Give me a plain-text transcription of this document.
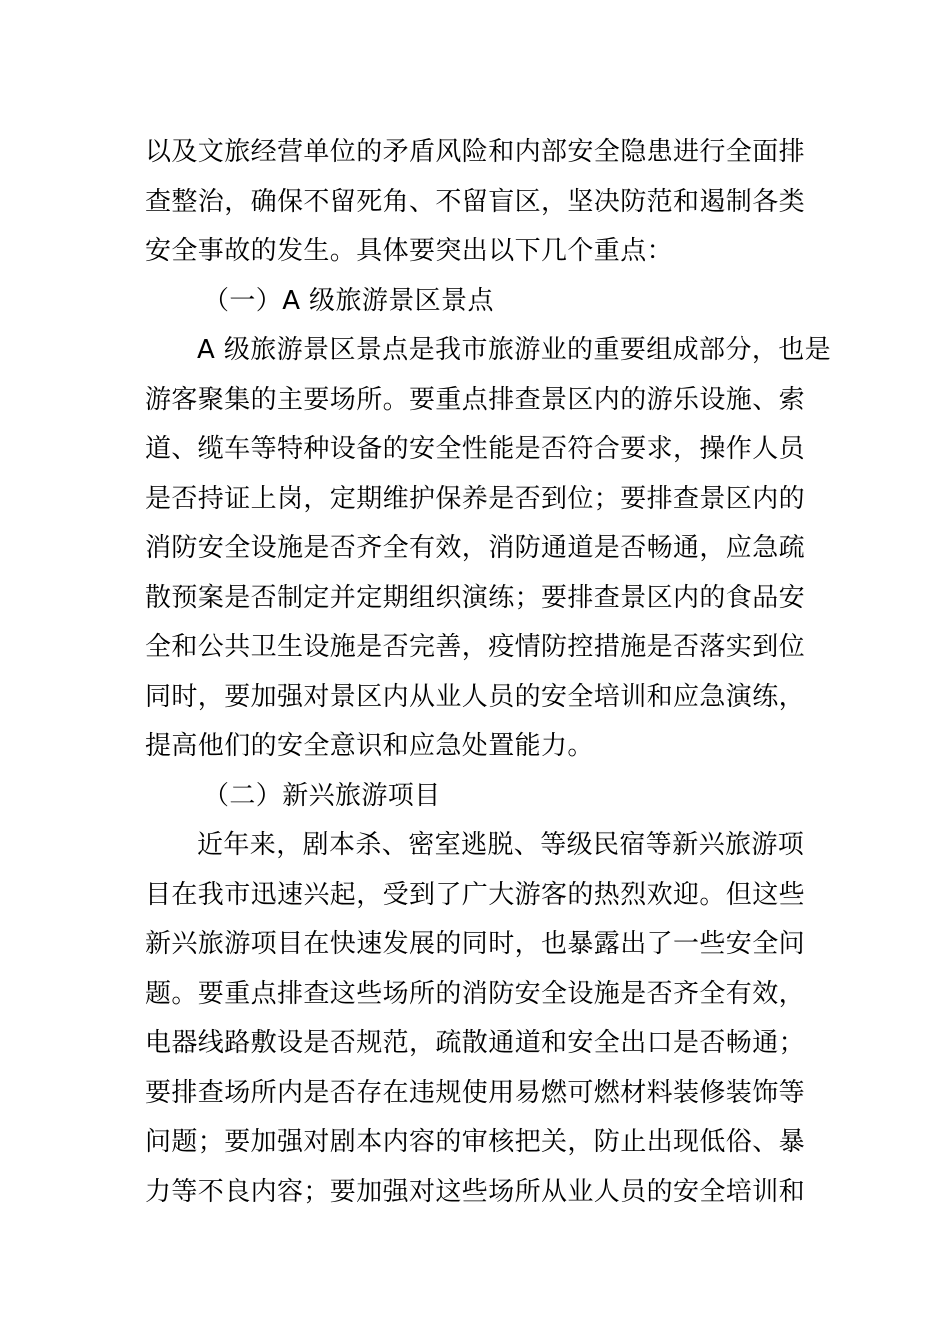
以及文旅经营单位的矛盾风险和内部安全隐患进行全面排
查整治，确保不留死角、不留盲区，坚决防范和遏制各类
安全事故的发生。具体要突出以下几个重点：
（一）A 级旅游景区景点
A 级旅游景区景点是我市旅游业的重要组成部分，也是
游客聚集的主要场所。要重点排查景区内的游乐设施、索
道、缆车等特种设备的安全性能是否符合要求，操作人员
是否持证上岗，定期维护保养是否到位；要排查景区内的
消防安全设施是否齐全有效，消防通道是否畅通，应急疏
散预案是否制定并定期组织演练；要排查景区内的食品安
全和公共卫生设施是否完善，疫情防控措施是否落实到位
同时，要加强对景区内从业人员的安全培训和应急演练，
提高他们的安全意识和应急处置能力。
（二）新兴旅游项目
近年来，剧本杀、密室逃脱、等级民宿等新兴旅游项
目在我市迅速兴起，受到了广大游客的热烈欢迎。但这些
新兴旅游项目在快速发展的同时，也暴露出了一些安全问
题。要重点排查这些场所的消防安全设施是否齐全有效，
电器线路敷设是否规范，疏散通道和安全出口是否畅通；
要排查场所内是否存在违规使用易燃可燃材料装修装饰等
问题；要加强对剧本内容的审核把关，防止出现低俗、暴
力等不良内容；要加强对这些场所从业人员的安全培训和
